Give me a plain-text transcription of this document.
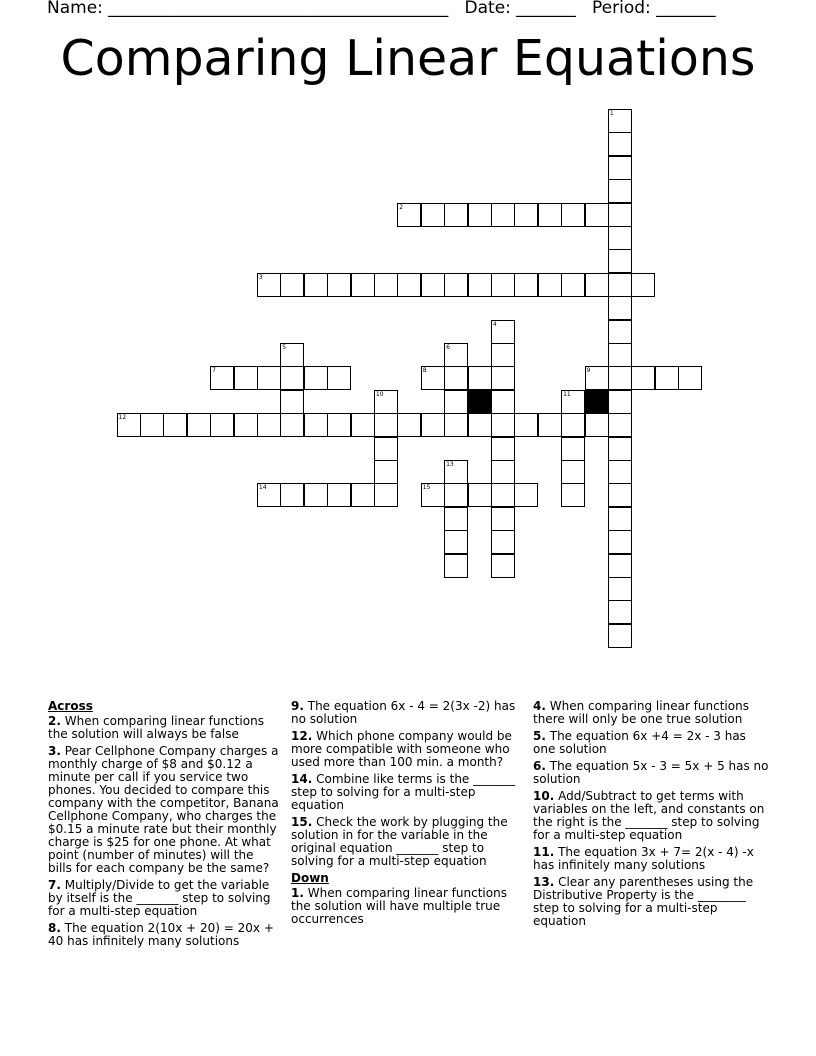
Name: ________________________________________ Date: _______ Period: _______
Comparing Linear Equations
1
2
3
4
5	6
7	8	9
10	11
12
13
14	15
Across
2. When comparing linear functions the solution will always be false
3. Pear Cellphone Company charges a monthly charge of $8 and $0.12 a minute per call if you service two phones. You decided to compare this company with the competitor, Banana Cellphone Company, who charges the $0.15 a minute rate but their monthly charge is $25 for one phone. At what point (number of minutes) will the bills for each company be the same?
7. Multiply/Divide to get the variable by itself is the _______ step to solving for a multi-step equation
8. The equation 2(10x + 20) = 20x + 40 has infinitely many solutions
9. The equation 6x - 4 = 2(3x -2) has no solution
12. Which phone company would be more compatible with someone who used more than 100 min. a month?
14. Combine like terms is the _______ step to solving for a multi-step equation
15. Check the work by plugging the solution in for the variable in the original equation _______ step to solving for a multi-step equation
Down
1. When comparing linear functions the solution will have multiple true occurrences
4. When comparing linear functions there will only be one true solution
5. The equation 6x +4 = 2x - 3 has one solution
6. The equation 5x - 3 = 5x + 5 has no solution
10. Add/Subtract to get terms with variables on the left, and constants on the right is the _______ step to solving for a multi-step equation
11. The equation 3x + 7= 2(x - 4) -x has infinitely many solutions
13. Clear any parentheses using the Distributive Property is the ________ step to solving for a multi-step equation
